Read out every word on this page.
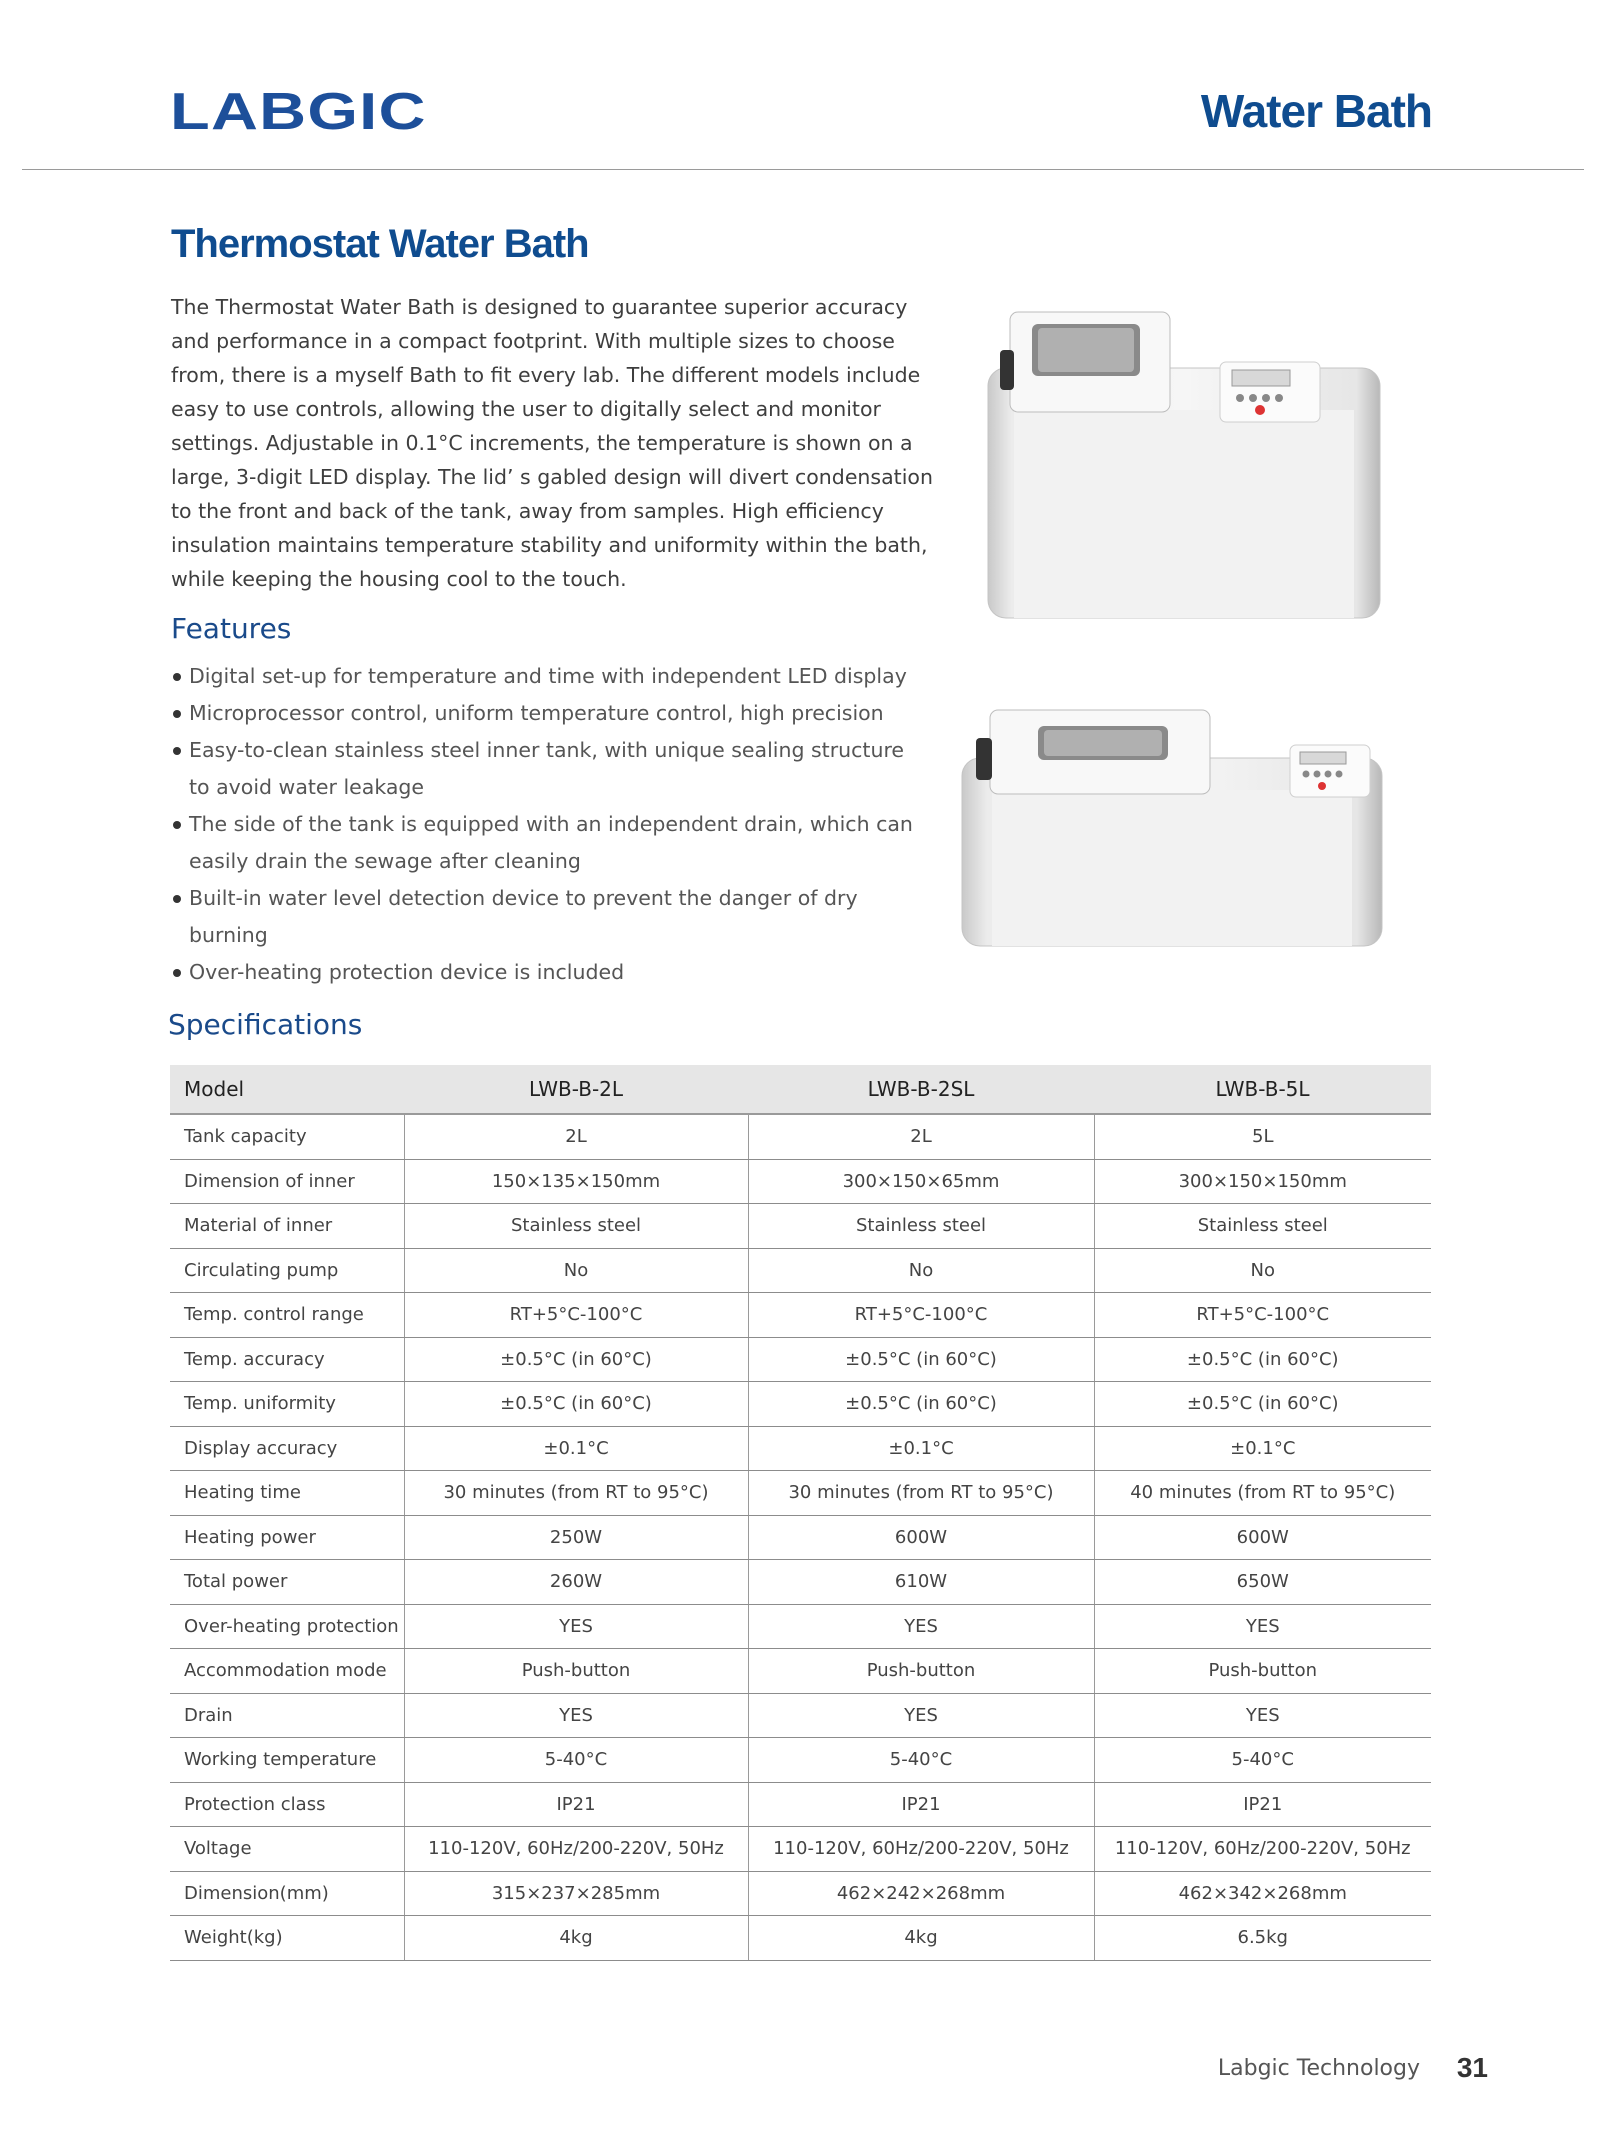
LABGIC	Water Bath
Thermostat Water Bath

The Thermostat Water Bath is designed to guarantee superior accuracy and performance in a compact footprint. With multiple sizes to choose from, there is a myself Bath to fit every lab. The different models include easy to use controls, allowing the user to digitally select and monitor settings. Adjustable in 0.1°C increments, the temperature is shown on a large, 3-digit LED display. The lid’ s gabled design will divert condensation to the front and back of the tank, away from samples. High efficiency insulation maintains temperature stability and uniformity within the bath, while keeping the housing cool to the touch.

Features
Digital set-up for temperature and time with independent LED display
Microprocessor control, uniform temperature control, high precision
Easy-to-clean stainless steel inner tank, with unique sealing structure to avoid water leakage
The side of the tank is equipped with an independent drain, which can easily drain the sewage after cleaning
Built-in water level detection device to prevent the danger of dry burning
Over-heating protection device is included
Specifications
Model	LWB-B-2L	LWB-B-2SL	LWB-B-5L
Tank capacity	2L	2L	5L
Dimension of inner	150×135×150mm	300×150×65mm	300×150×150mm
Material of inner	Stainless steel	Stainless steel	Stainless steel
Circulating pump	No	No	No
Temp. control range	RT+5°C-100°C	RT+5°C-100°C	RT+5°C-100°C
Temp. accuracy	±0.5°C (in 60°C)	±0.5°C (in 60°C)	±0.5°C (in 60°C)
Temp. uniformity	±0.5°C (in 60°C)	±0.5°C (in 60°C)	±0.5°C (in 60°C)
Display accuracy	±0.1°C	±0.1°C	±0.1°C
Heating time	30 minutes (from RT to 95°C)	30 minutes (from RT to 95°C)	40 minutes (from RT to 95°C)
Heating power	250W	600W	600W
Total power	260W	610W	650W
Over-heating protection	YES	YES	YES
Accommodation mode	Push-button	Push-button	Push-button
Drain	YES	YES	YES
Working temperature	5-40°C	5-40°C	5-40°C
Protection class	IP21	IP21	IP21
Voltage	110-120V, 60Hz/200-220V, 50Hz	110-120V, 60Hz/200-220V, 50Hz	110-120V, 60Hz/200-220V, 50Hz
Dimension(mm)	315×237×285mm	462×242×268mm	462×342×268mm
Weight(kg)	4kg	4kg	6.5kg
Labgic Technology 31
